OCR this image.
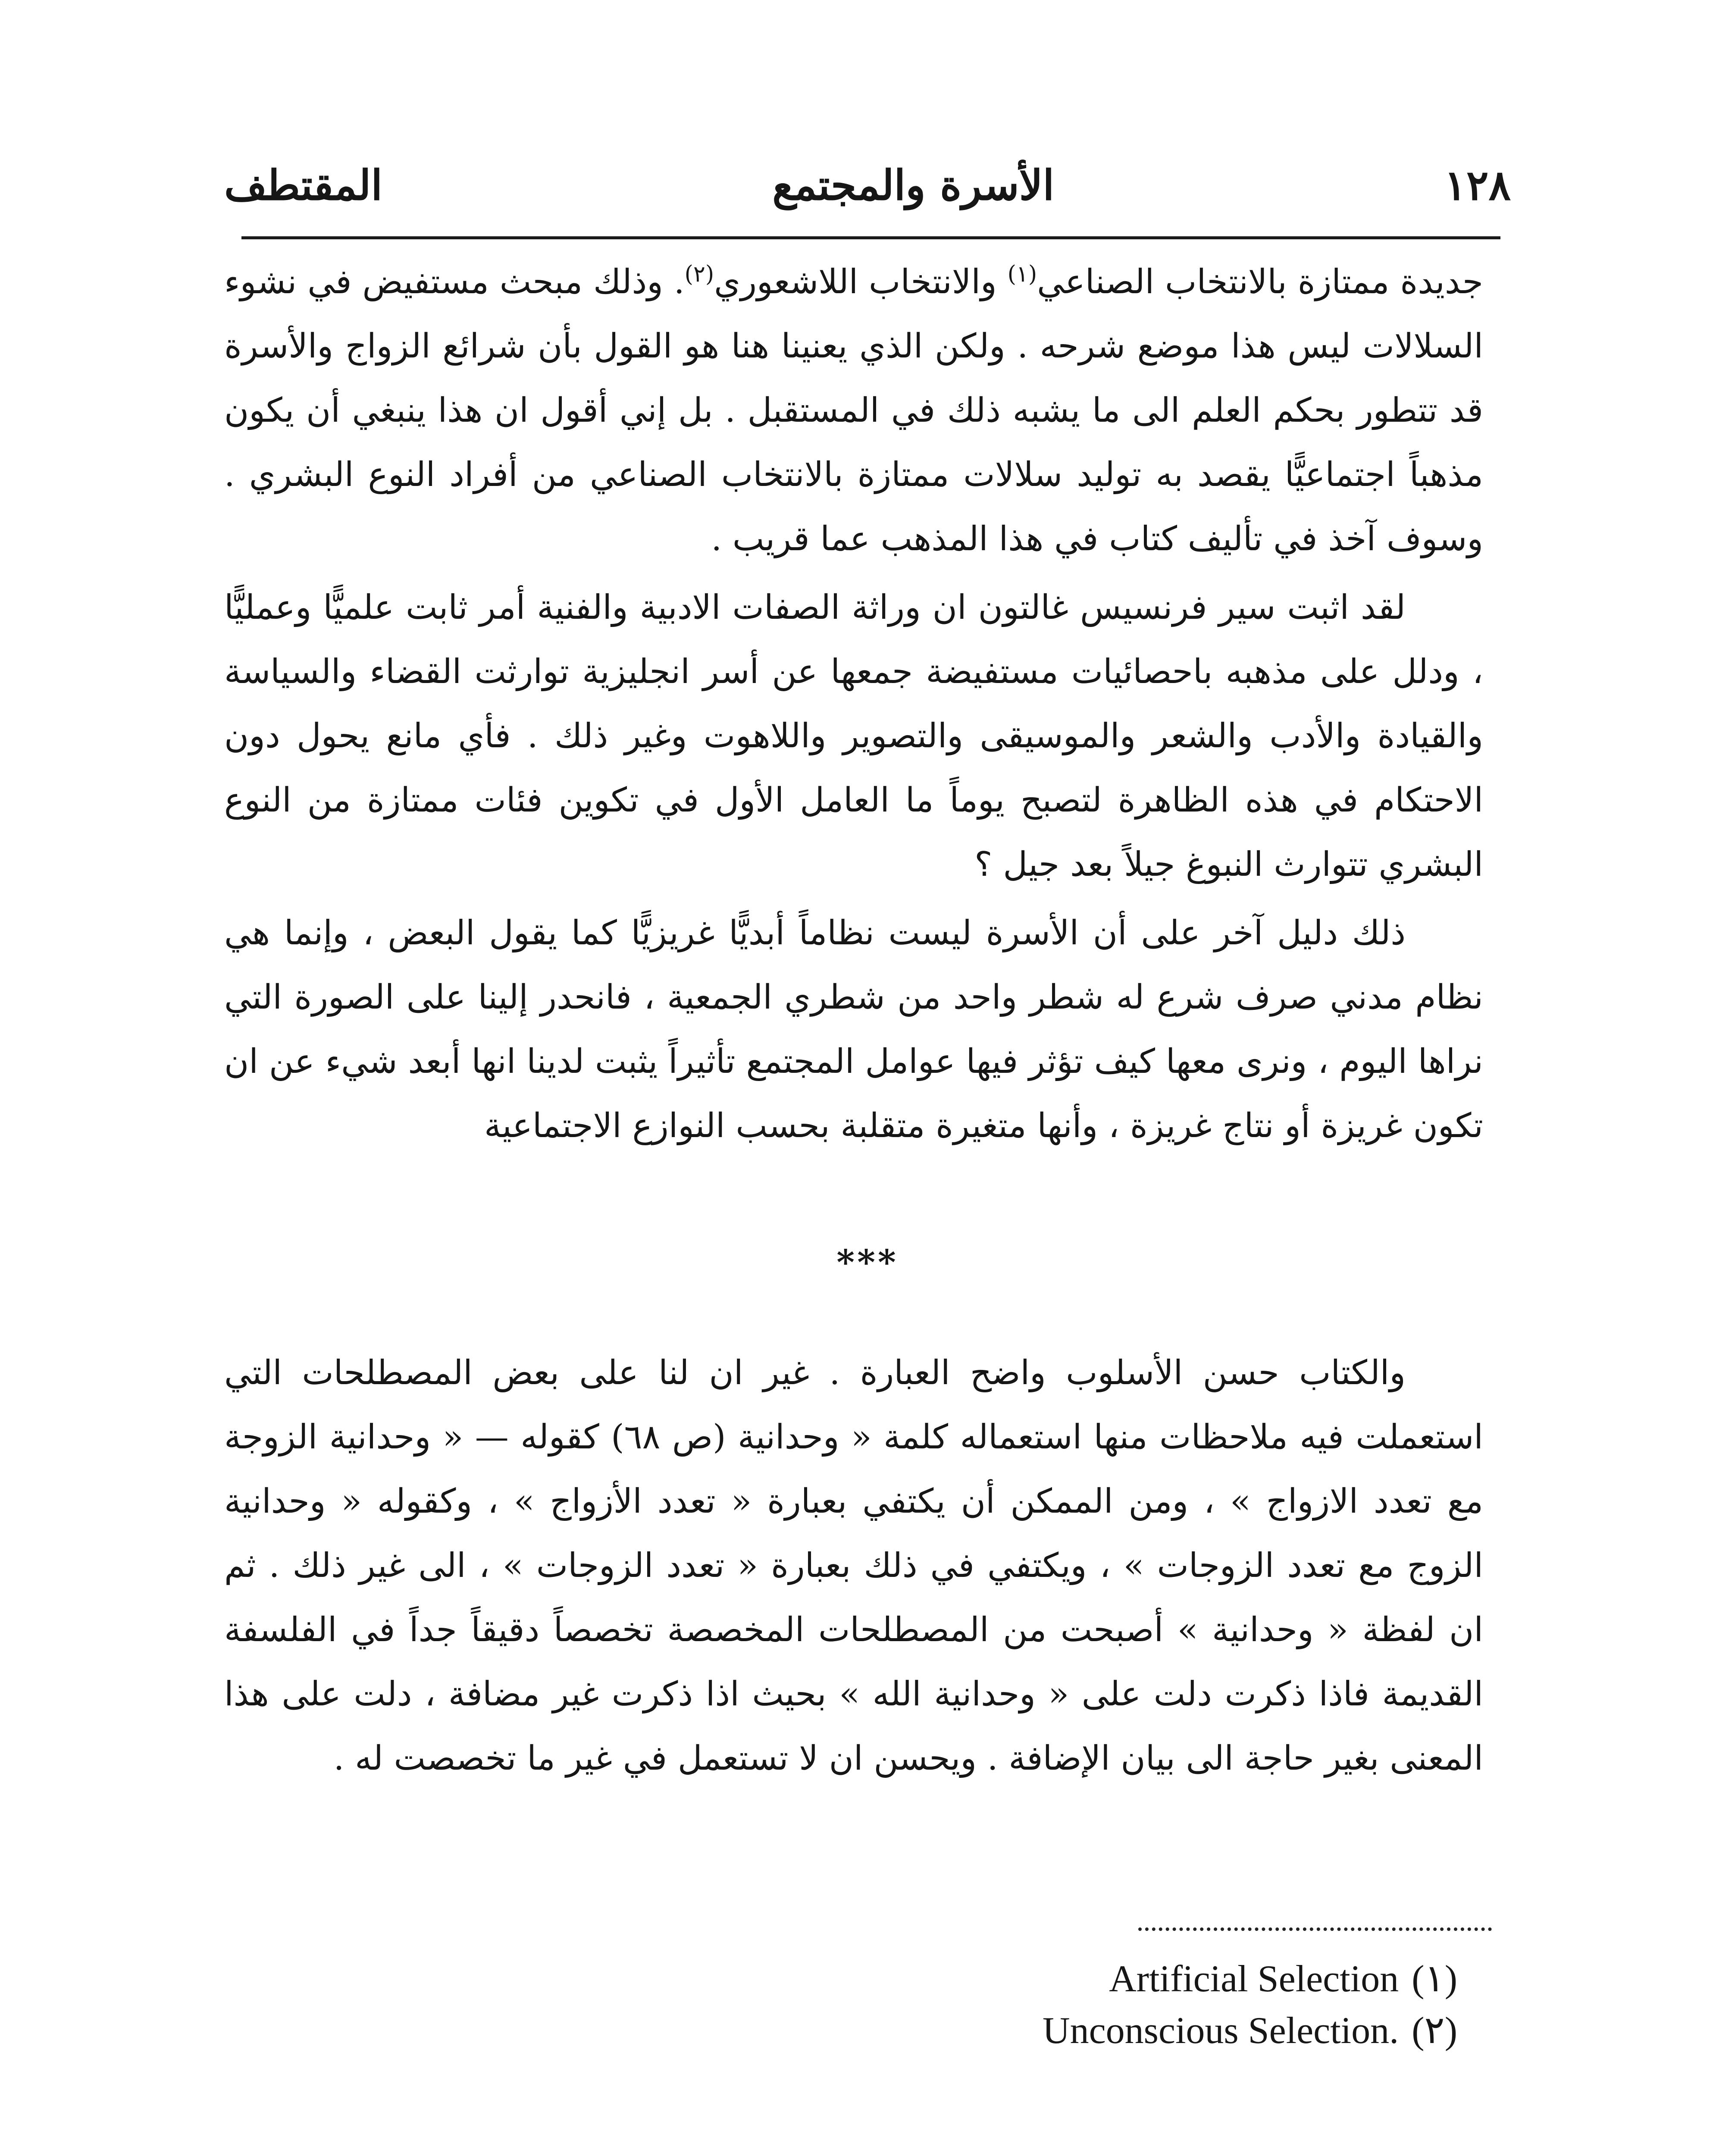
١٢٨
الأسرة والمجتمع
المقتطف

جديدة ممتازة بالانتخاب الصناعي$^{(١)}$ والانتخاب اللاشعوري$^{(٢)}$. وذلك مبحث مستفيض في نشوء السلالات ليس هذا موضع شرحه . ولكن الذي يعنينا هنا هو القول بأن شرائع الزواج والأسرة قد تتطور بحكم العلم الى ما يشبه ذلك في المستقبل . بل إني أقول ان هذا ينبغي أن يكون مذهباً اجتماعيًّا يقصد به توليد سلالات ممتازة بالانتخاب الصناعي من أفراد النوع البشري . وسوف آخذ في تأليف كتاب في هذا المذهب عما قريب .

لقد اثبت سير فرنسيس غالتون ان وراثة الصفات الادبية والفنية أمر ثابت علميًّا وعمليًّا ، ودلل على مذهبه باحصائيات مستفيضة جمعها عن أسر انجليزية توارثت القضاء والسياسة والقيادة والأدب والشعر والموسيقى والتصوير واللاهوت وغير ذلك . فأي مانع يحول دون الاحتكام في هذه الظاهرة لتصبح يوماً ما العامل الأول في تكوين فئات ممتازة من النوع البشري تتوارث النبوغ جيلاً بعد جيل ؟

ذلك دليل آخر على أن الأسرة ليست نظاماً أبديًّا غريزيًّا كما يقول البعض ، وإنما هي نظام مدني صرف شرع له شطر واحد من شطري الجمعية ، فانحدر إلينا على الصورة التي نراها اليوم ، ونرى معها كيف تؤثر فيها عوامل المجتمع تأثيراً يثبت لدينا انها أبعد شيء عن ان تكون غريزة أو نتاج غريزة ، وأنها متغيرة متقلبة بحسب النوازع الاجتماعية

***

والكتاب حسن الأسلوب واضح العبارة . غير ان لنا على بعض المصطلحات التي استعملت فيه ملاحظات منها استعماله كلمة « وحدانية (ص ٦٨) كقوله — « وحدانية الزوجة مع تعدد الازواج » ، ومن الممكن أن يكتفي بعبارة « تعدد الأزواج » ، وكقوله « وحدانية الزوج مع تعدد الزوجات » ، ويكتفي في ذلك بعبارة « تعدد الزوجات » ، الى غير ذلك . ثم ان لفظة « وحدانية » أصبحت من المصطلحات المخصصة تخصصاً دقيقاً جداً في الفلسفة القديمة فاذا ذكرت دلت على « وحدانية الله » بحيث اذا ذكرت غير مضافة ، دلت على هذا المعنى بغير حاجة الى بيان الإضافة . ويحسن ان لا تستعمل في غير ما تخصصت له .

Artificial Selection (١)
Unconscious Selection. (٢)
